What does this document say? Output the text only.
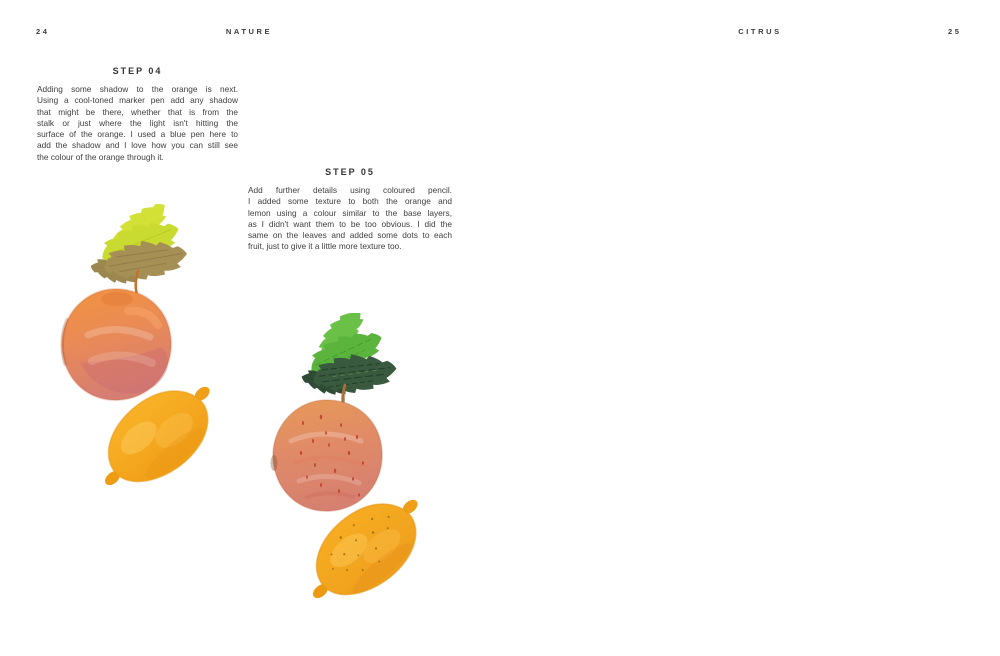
24	NATURE	CITRUS	25
STEP 04
Adding some shadow to the orange is next.
Using a cool-toned marker pen add any shadow
that might be there, whether that is from the
stalk or just where the light isn't hitting the
surface of the orange. I used a blue pen here to
add the shadow and I love how you can still see
the colour of the orange through it.
STEP 05
Add further details using coloured pencil.
I added some texture to both the orange and
lemon using a colour similar to the base layers,
as I didn't want them to be too obvious. I did the
same on the leaves and added some dots to each
fruit, just to give it a little more texture too.
